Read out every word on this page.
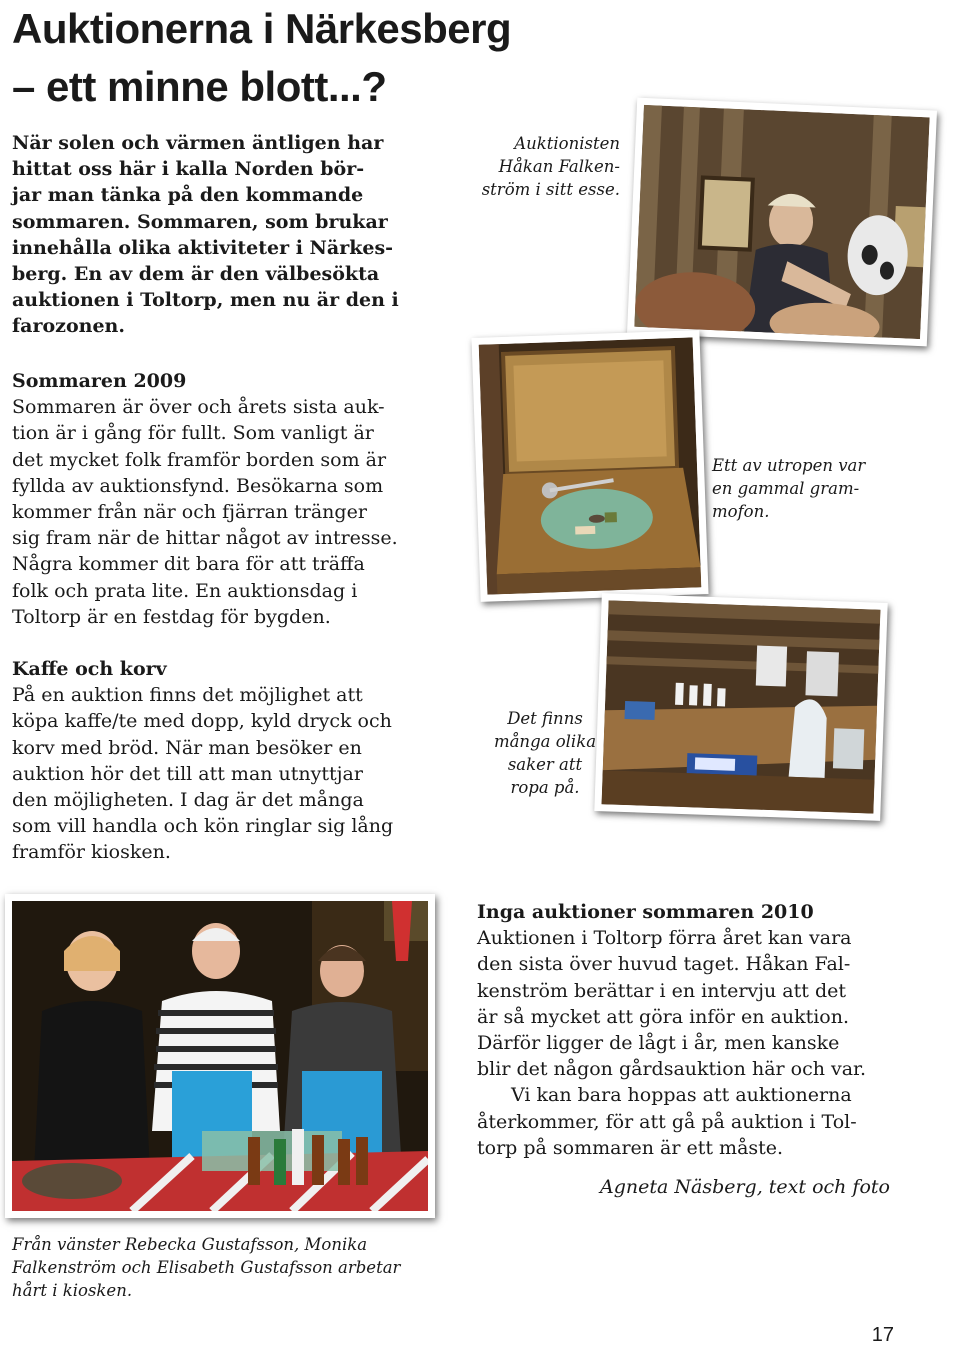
Auktionerna i Närkesberg
– ett minne blott...?

När solen och värmen äntligen har
hittat oss här i kalla Norden bör-
jar man tänka på den kommande
sommaren. Sommaren, som brukar
innehålla olika aktiviteter i Närkes-
berg. En av dem är den välbesökta
auktionen i Toltorp, men nu är den i
farozonen.

Sommaren 2009
Sommaren är över och årets sista auk-
tion är i gång för fullt. Som vanligt är
det mycket folk framför borden som är
fyllda av auktionsfynd. Besökarna som
kommer från när och fjärran tränger
sig fram när de hittar något av intresse.
Några kommer dit bara för att träffa
folk och prata lite. En auktionsdag i
Toltorp är en festdag för bygden.
Kaffe och korv
På en auktion finns det möjlighet att
köpa kaffe/te med dopp, kyld dryck och
korv med bröd. När man besöker en
auktion hör det till att man utnyttjar
den möjligheten. I dag är det många
som vill handla och kön ringlar sig lång
framför kiosken.
Inga auktioner sommaren 2010
Auktionen i Toltorp förra året kan vara
den sista över huvud taget. Håkan Fal-
kenström berättar i en intervju att det
är så mycket att göra inför en auktion.
Därför ligger de lågt i år, men kanske
blir det någon gårdsauktion här och var.
Vi kan bara hoppas att auktionerna
återkommer, för att gå på auktion i Tol-
torp på sommaren är ett måste.
Agneta Näsberg, text och foto
Auktionisten
Håkan Falken-
ström i sitt esse.
Ett av utropen var
en gammal gram-
mofon.
Det finns
många olika
saker att
ropa på.
Från vänster Rebecka Gustafsson, Monika
Falkenström och Elisabeth Gustafsson arbetar
hårt i kiosken.
17
